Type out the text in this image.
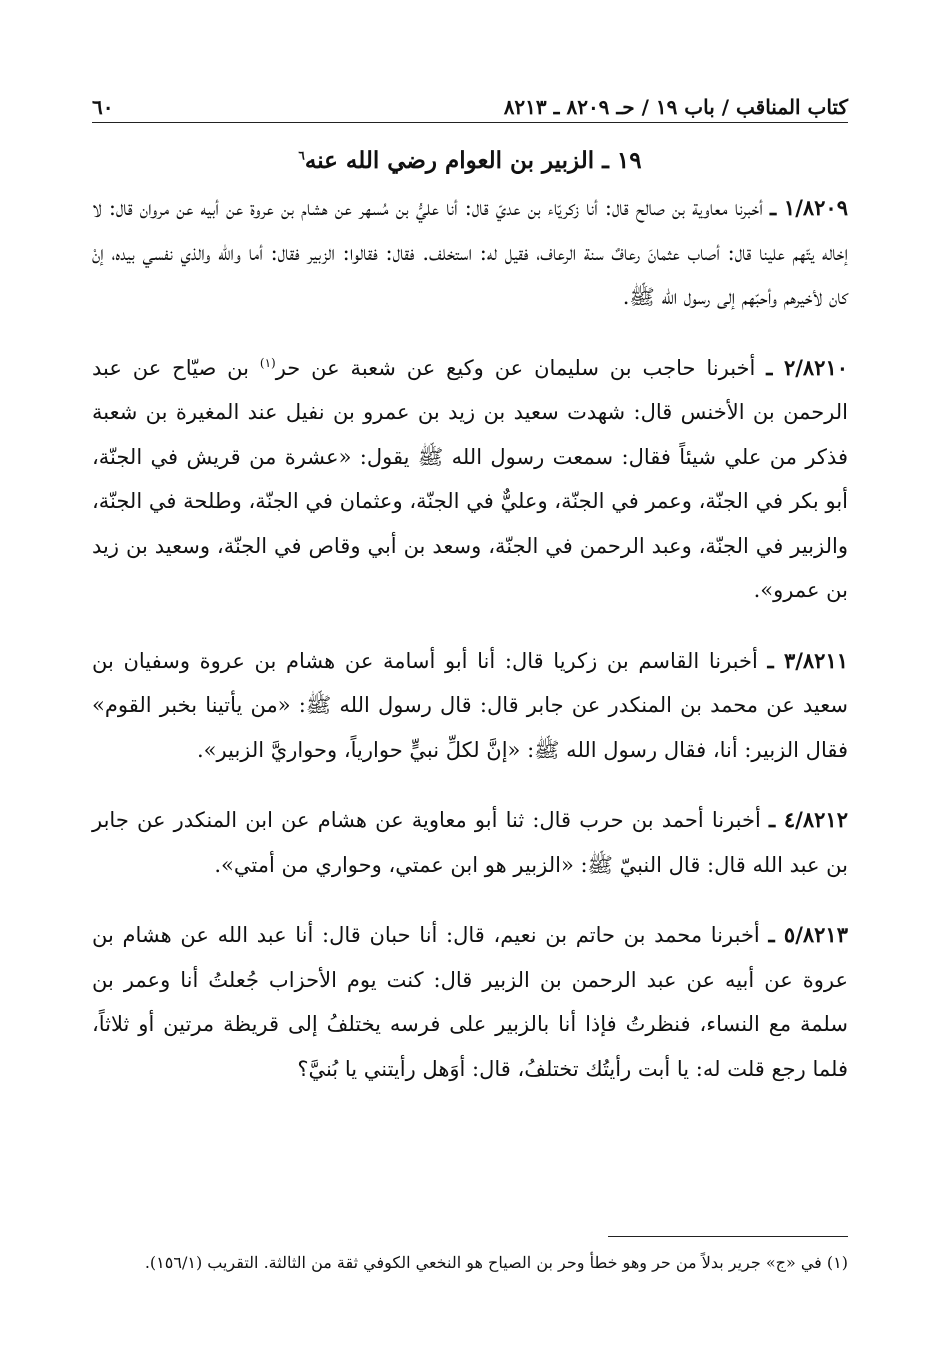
كتاب المناقب / باب ١٩ / حـ ٨٢٠٩ ـ ٨٢١٣
٦٠
١٩ ـ الزبير بن العوام رضي الله عنه$^٦$

١/٨٢٠٩ ـ أخبرنا معاوية بن صالح قال: أنا زكريّاء بن عديّ قال: أنا عليُّ بن مُسهر عن هشام بن عروة عن أبيه عن مروان قال: لا إخاله يتّهم علينا قال: أصاب عثمانَ رعافٌ سنة الرعاف، فقيل له: استخلف. فقال: فقالوا: الزبير فقال: أما والله والذي نفسي بيده، إنْ كان لأخيرهم وأحبّهم إلى رسول الله ﷺ.

٢/٨٢١٠ ـ أخبرنا حاجب بن سليمان عن وكيع عن شعبة عن حر$^{(١)}$ بن صيّاح عن عبد الرحمن بن الأخنس قال: شهدت سعيد بن زيد بن عمرو بن نفيل عند المغيرة بن شعبة فذكر من علي شيئاً فقال: سمعت رسول الله ﷺ يقول: «عشرة من قريش في الجنّة، أبو بكر في الجنّة، وعمر في الجنّة، وعليٌّ في الجنّة، وعثمان في الجنّة، وطلحة في الجنّة، والزبير في الجنّة، وعبد الرحمن في الجنّة، وسعد بن أبي وقاص في الجنّة، وسعيد بن زيد بن عمرو».

٣/٨٢١١ ـ أخبرنا القاسم بن زكريا قال: أنا أبو أسامة عن هشام بن عروة وسفيان بن سعيد عن محمد بن المنكدر عن جابر قال: قال رسول الله ﷺ: «من يأتينا بخبر القوم» فقال الزبير: أنا، فقال رسول الله ﷺ: «إنَّ لكلِّ نبيٍّ حوارياً، وحواريَّ الزبير».

٤/٨٢١٢ ـ أخبرنا أحمد بن حرب قال: ثنا أبو معاوية عن هشام عن ابن المنكدر عن جابر بن عبد الله قال: قال النبيّ ﷺ: «الزبير هو ابن عمتي، وحواري من أمتي».

٥/٨٢١٣ ـ أخبرنا محمد بن حاتم بن نعيم، قال: أنا حبان قال: أنا عبد الله عن هشام بن عروة عن أبيه عن عبد الرحمن بن الزبير قال: كنت يوم الأحزاب جُعلتُ أنا وعمر بن سلمة مع النساء، فنظرتُ فإذا أنا بالزبير على فرسه يختلفُ إلى قريظة مرتين أو ثلاثاً، فلما رجع قلت له: يا أبت رأيتُك تختلفُ، قال: أوَهل رأيتني يا بُنيَّ؟

(١) في «ج» جرير بدلاً من حر وهو خطأ وحر بن الصياح هو النخعي الكوفي ثقة من الثالثة. التقريب (١٥٦/١).
